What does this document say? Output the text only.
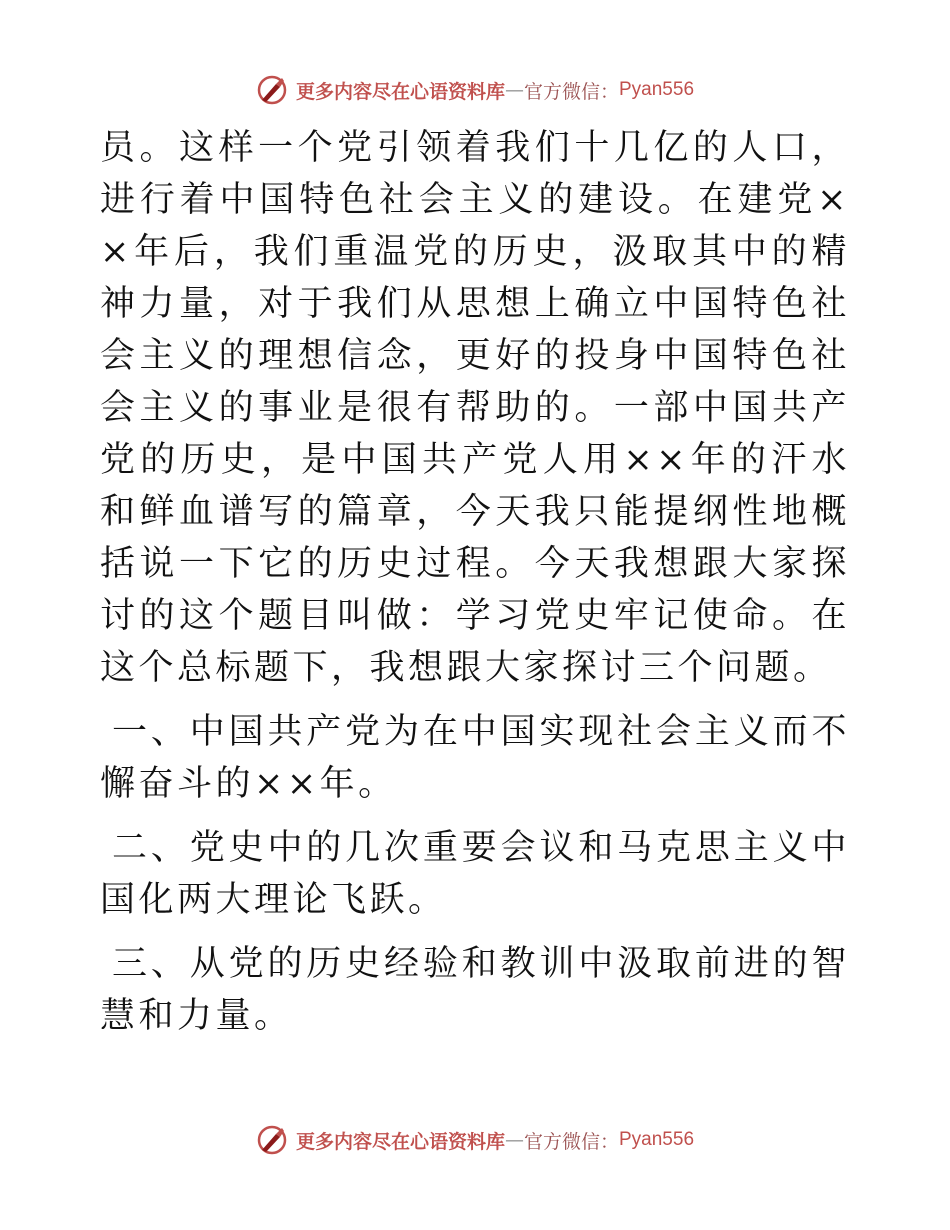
更多内容尽在心语资料库 — 官方微信： Pyan556

员。这样一个党引领着我们十几亿的人口，进行着中国特色社会主义的建设。在建党××年后，我们重温党的历史，汲取其中的精神力量，对于我们从思想上确立中国特色社会主义的理想信念，更好的投身中国特色社会主义的事业是很有帮助的。一部中国共产党的历史，是中国共产党人用××年的汗水和鲜血谱写的篇章，今天我只能提纲性地概括说一下它的历史过程。今天我想跟大家探讨的这个题目叫做：学习党史牢记使命。在这个总标题下，我想跟大家探讨三个问题。

一、中国共产党为在中国实现社会主义而不懈奋斗的××年。

二、党史中的几次重要会议和马克思主义中国化两大理论飞跃。

三、从党的历史经验和教训中汲取前进的智慧和力量。

更多内容尽在心语资料库 — 官方微信： Pyan556
